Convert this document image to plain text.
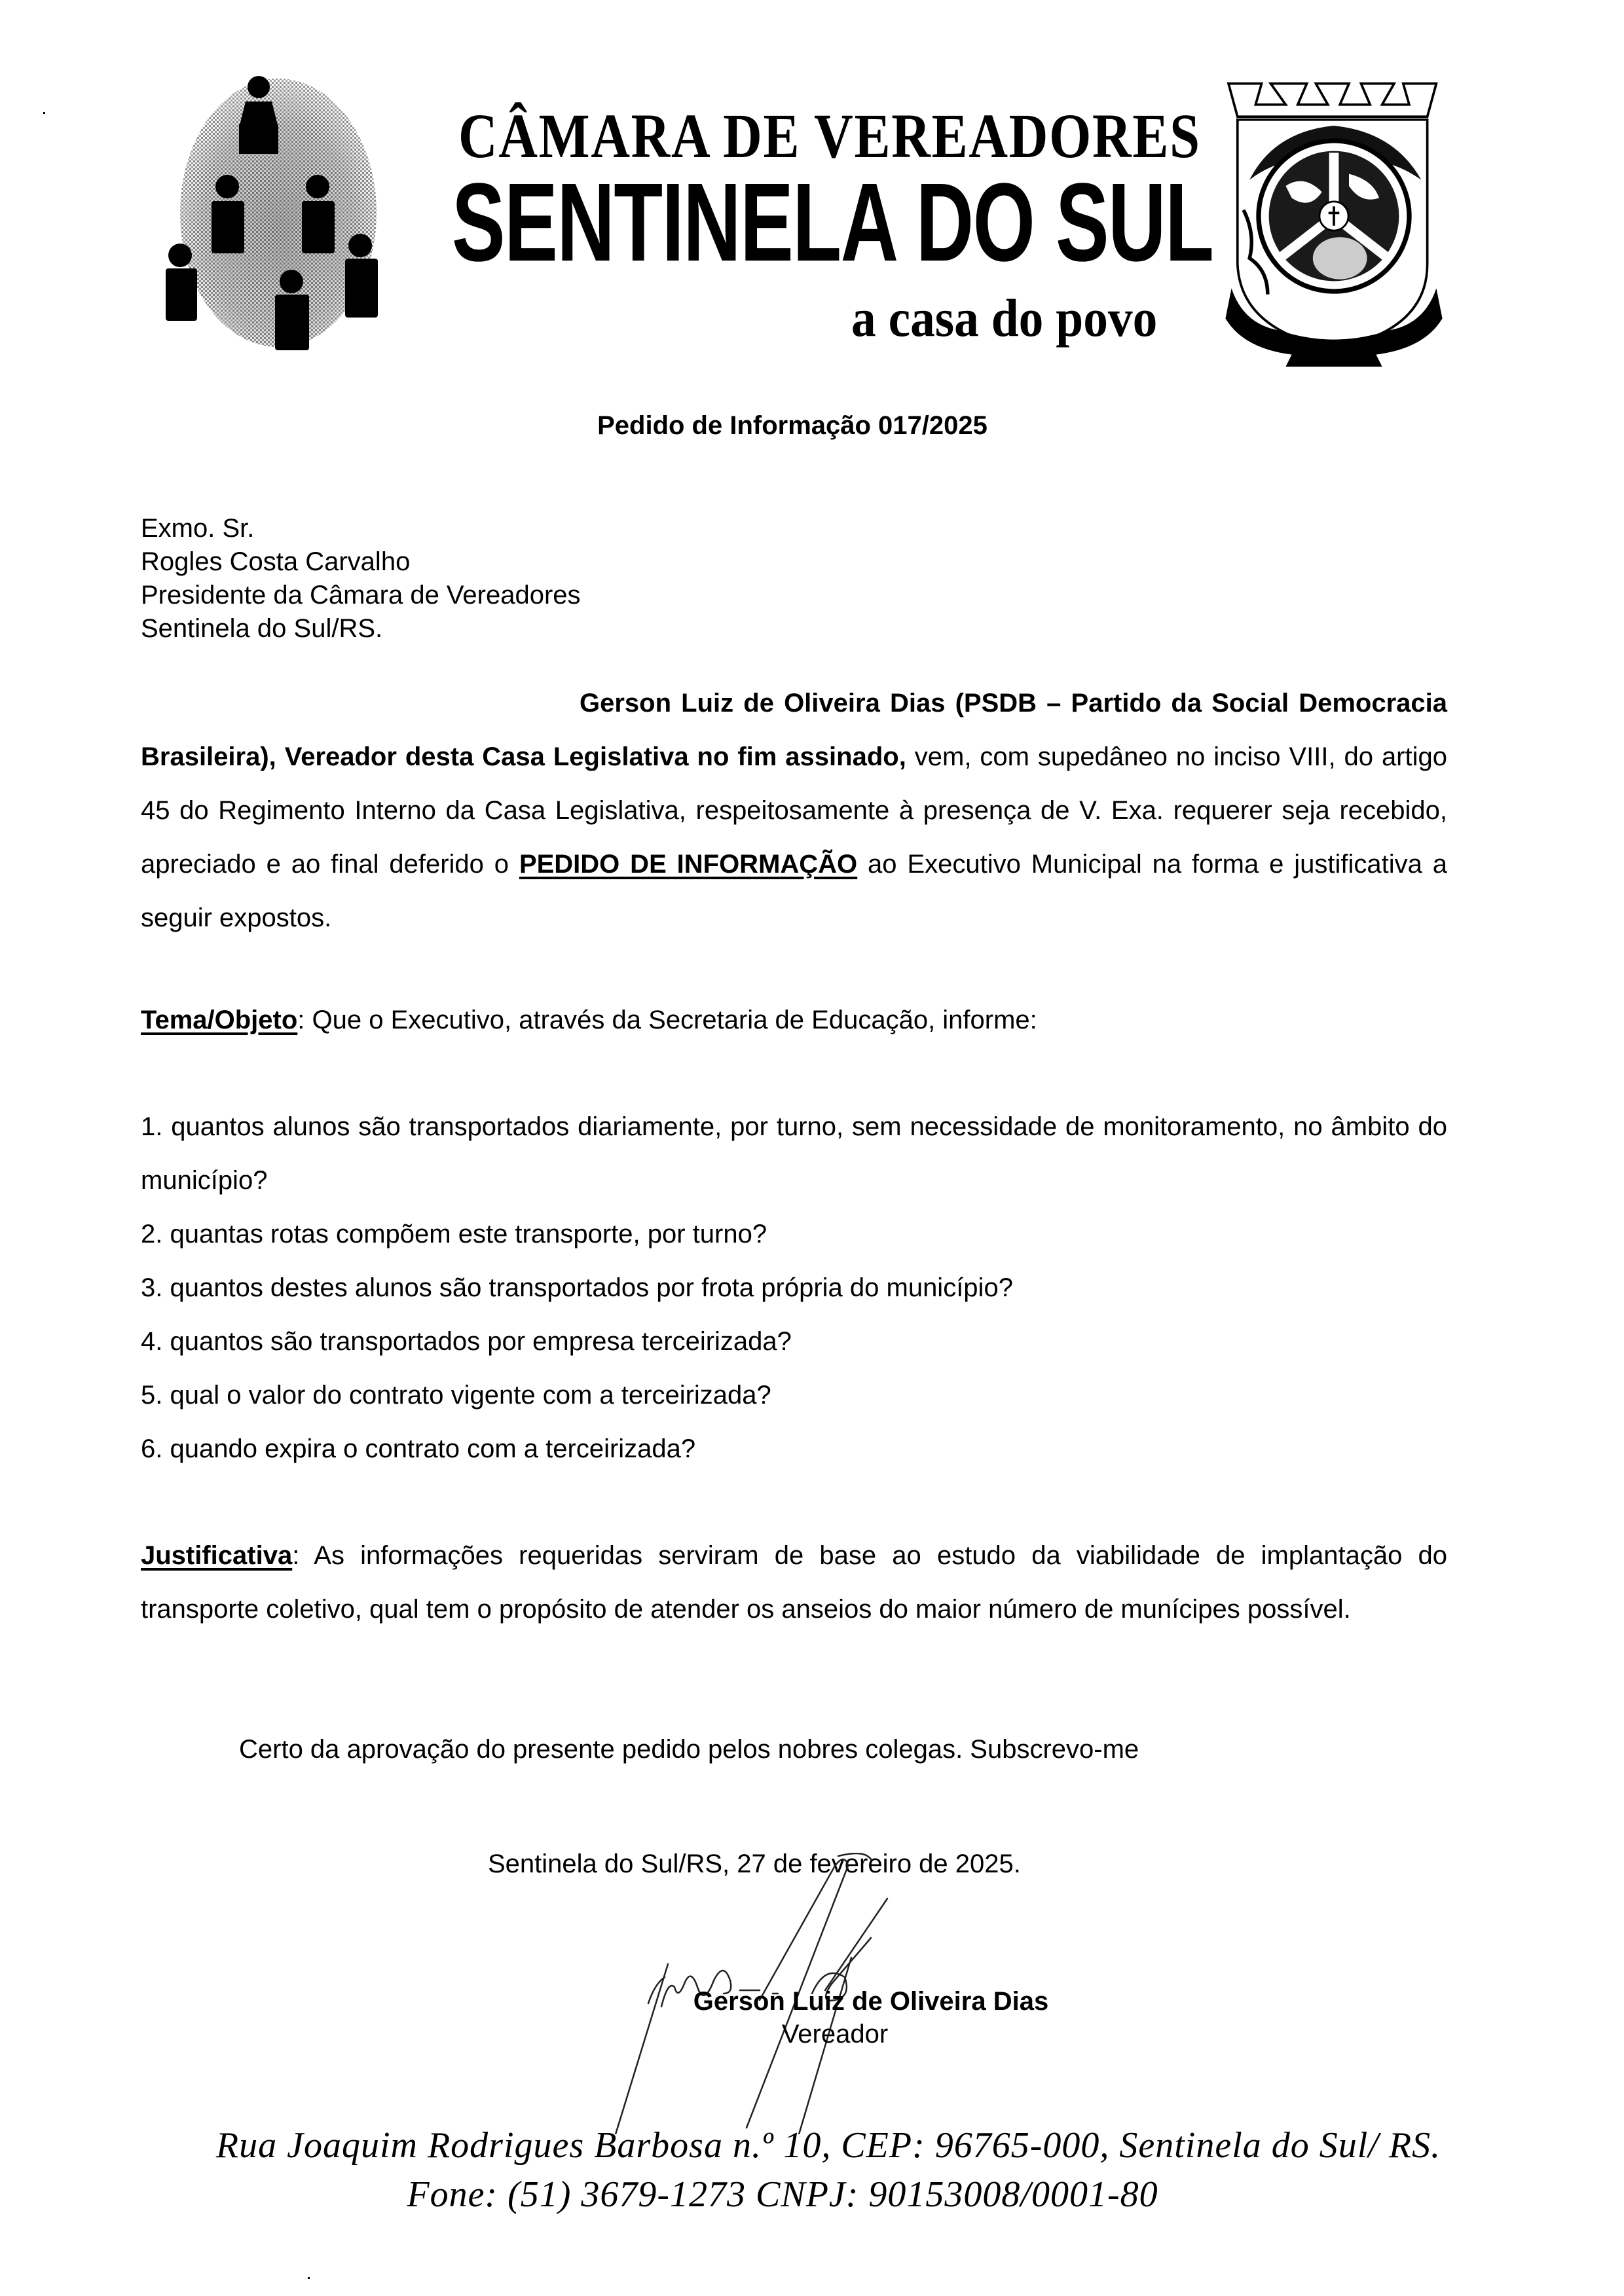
CÂMARA DE VEREADORES
SENTINELA DO SUL
a casa do povo
Pedido de Informação 017/2025
Exmo. Sr.
Rogles Costa Carvalho
Presidente da Câmara de Vereadores
Sentinela do Sul/RS.
Gerson Luiz de Oliveira Dias (PSDB – Partido da Social Democracia Brasileira), Vereador desta Casa Legislativa no fim assinado, vem, com supedâneo no inciso VIII, do artigo 45 do Regimento Interno da Casa Legislativa, respeitosamente à presença de V. Exa. requerer seja recebido, apreciado e ao final deferido o PEDIDO DE INFORMAÇÃO ao Executivo Municipal na forma e justificativa a seguir expostos.
Tema/Objeto: Que o Executivo, através da Secretaria de Educação, informe:
1. quantos alunos são transportados diariamente, por turno, sem necessidade de monitoramento, no âmbito do município?
2. quantas rotas compõem este transporte, por turno?
3. quantos destes alunos são transportados por frota própria do município?
4. quantos são transportados por empresa terceirizada?
5. qual o valor do contrato vigente com a terceirizada?
6. quando expira o contrato com a terceirizada?
Justificativa: As informações requeridas serviram de base ao estudo da viabilidade de implantação do transporte coletivo, qual tem o propósito de atender os anseios do maior número de munícipes possível.
Certo da aprovação do presente pedido pelos nobres colegas. Subscrevo-me
Sentinela do Sul/RS, 27 de fevereiro de 2025.
Gerson Luiz de Oliveira Dias
Vereador
Rua Joaquim Rodrigues Barbosa n.º 10, CEP: 96765-000, Sentinela do Sul/ RS.
Fone: (51) 3679-1273 CNPJ: 90153008/0001-80
